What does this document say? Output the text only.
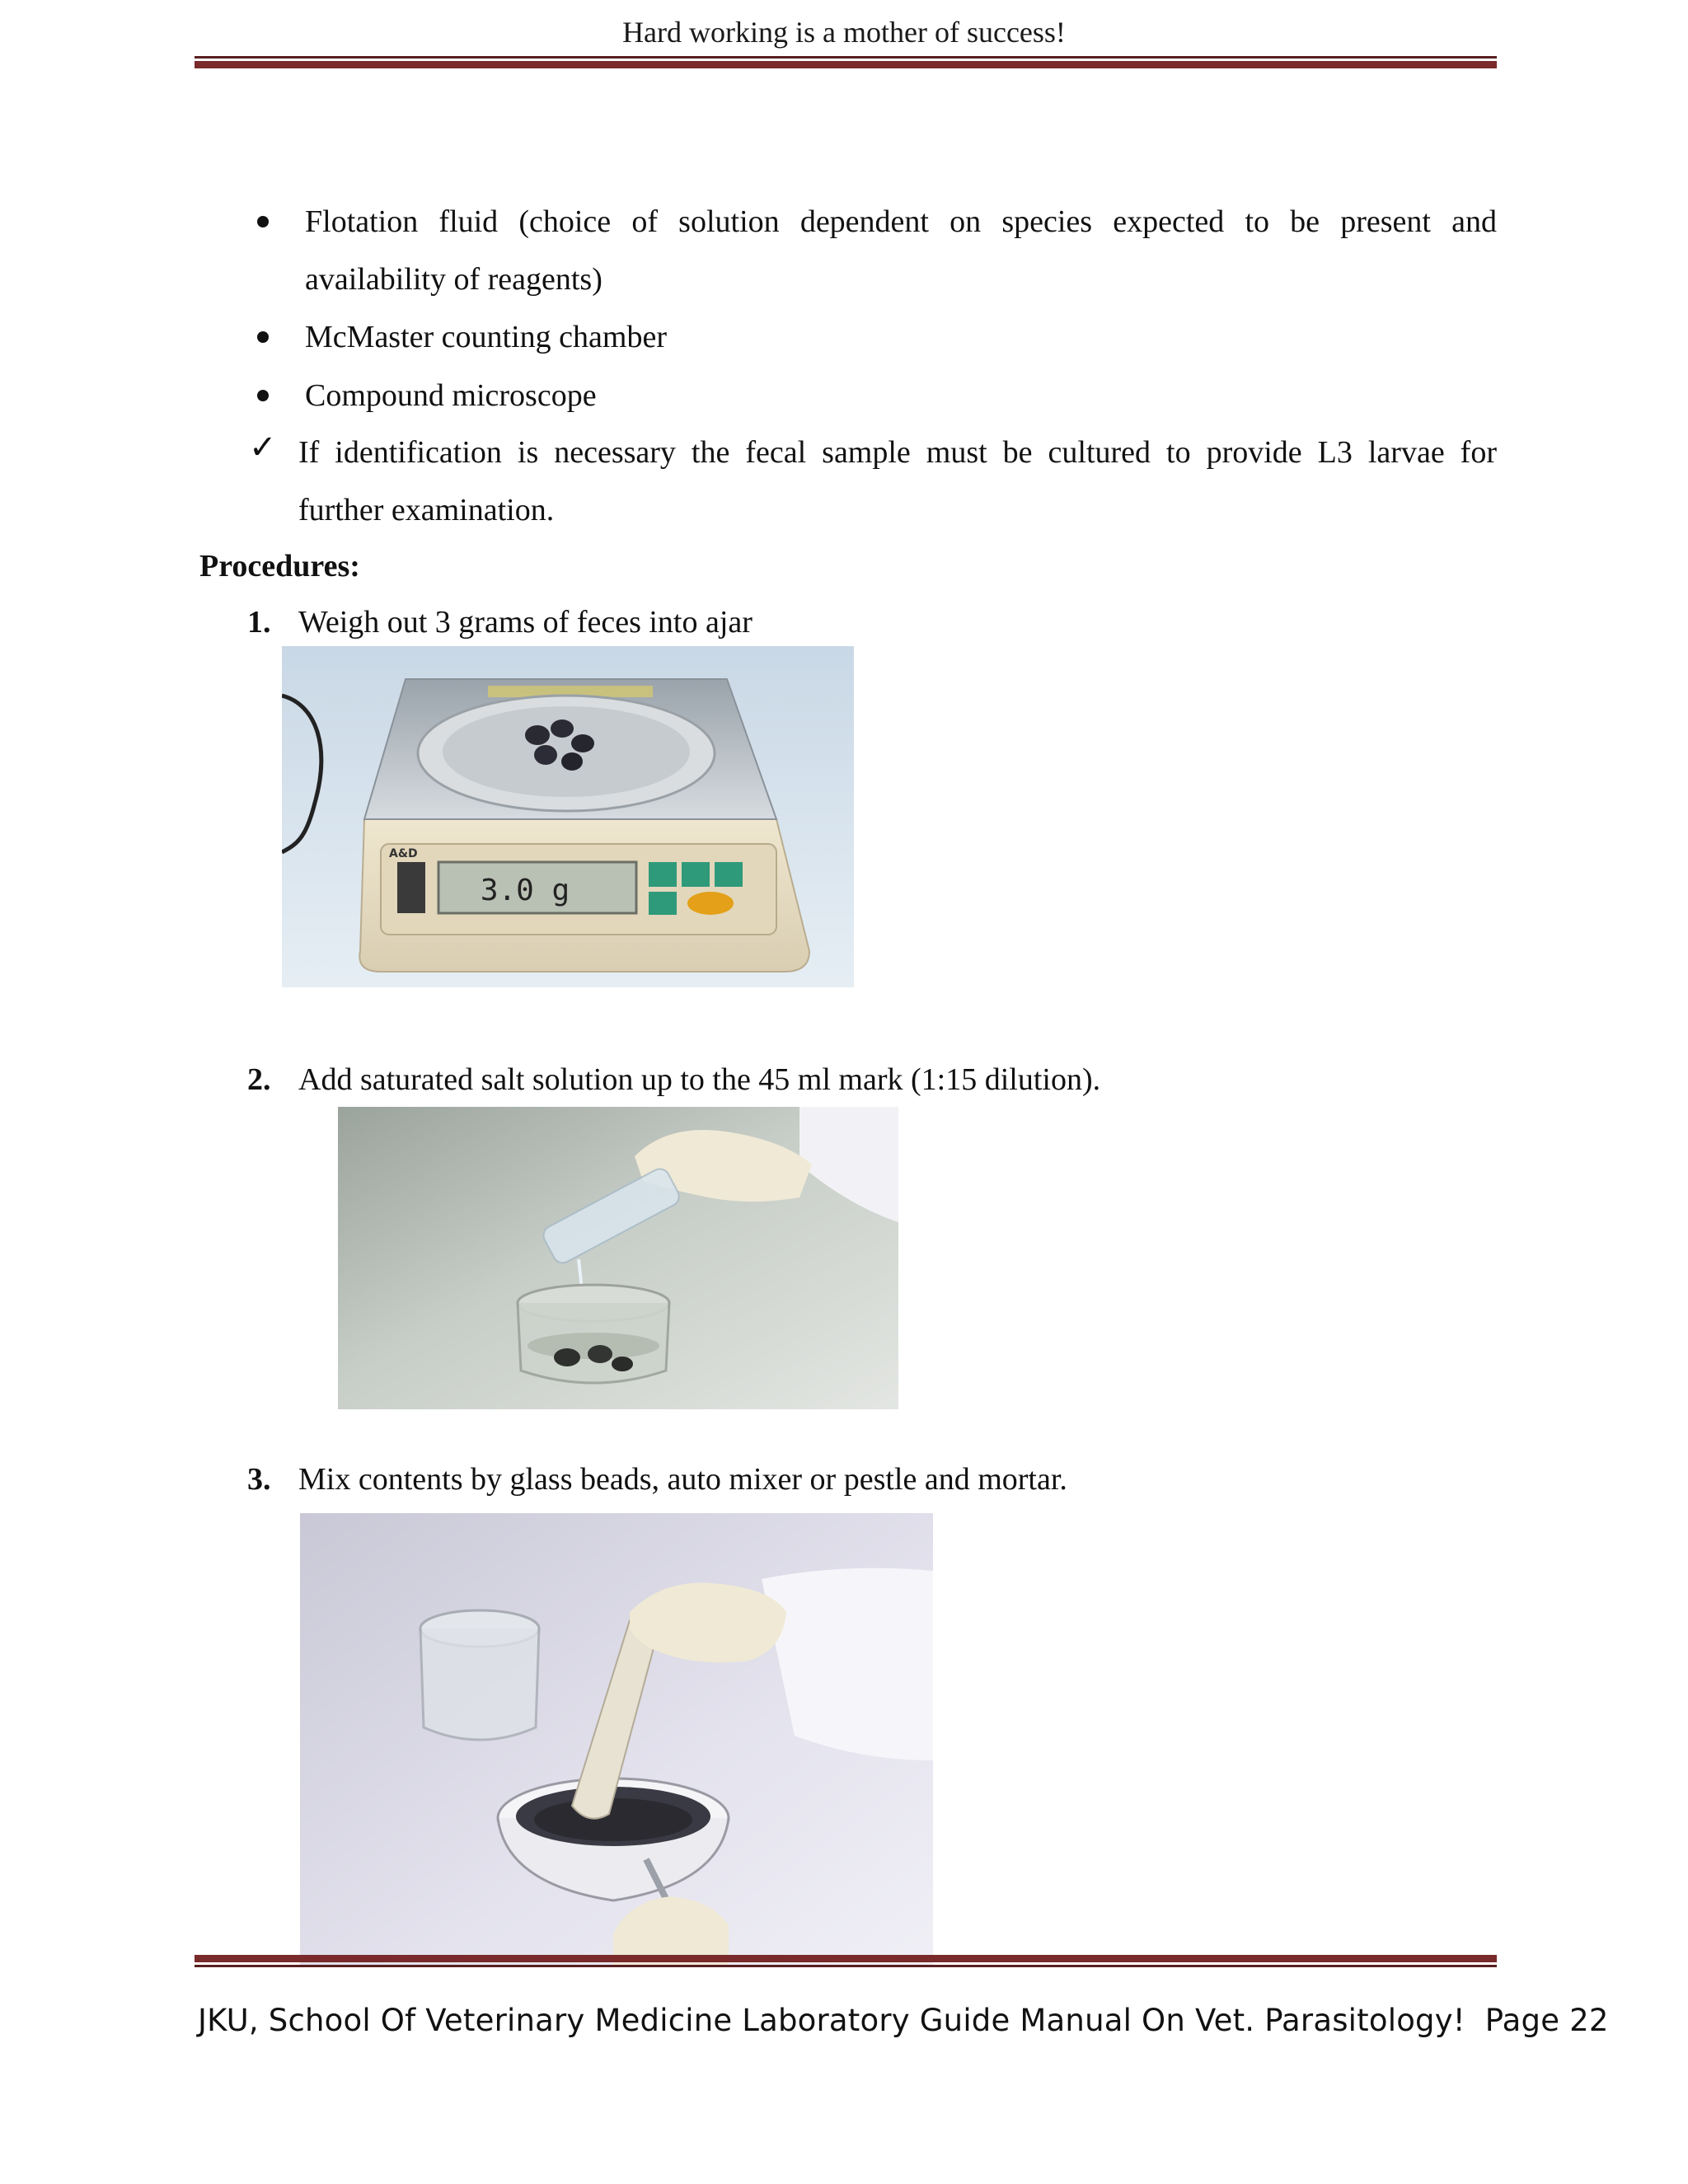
Hard working is a mother of success!
Flotation fluid (choice of solution dependent on species expected to be present and
availability of reagents)
McMaster counting chamber
Compound microscope
✓ If identification is necessary the fecal sample must be cultured to provide L3 larvae for
further examination.
Procedures:
1. Weigh out 3 grams of feces into ajar
3.0 g
A&D
2. Add saturated salt solution up to the 45 ml mark (1:15 dilution).
3. Mix contents by glass beads, auto mixer or pestle and mortar.
JKU, School Of Veterinary Medicine Laboratory Guide Manual On Vet. Parasitology! Page 22
